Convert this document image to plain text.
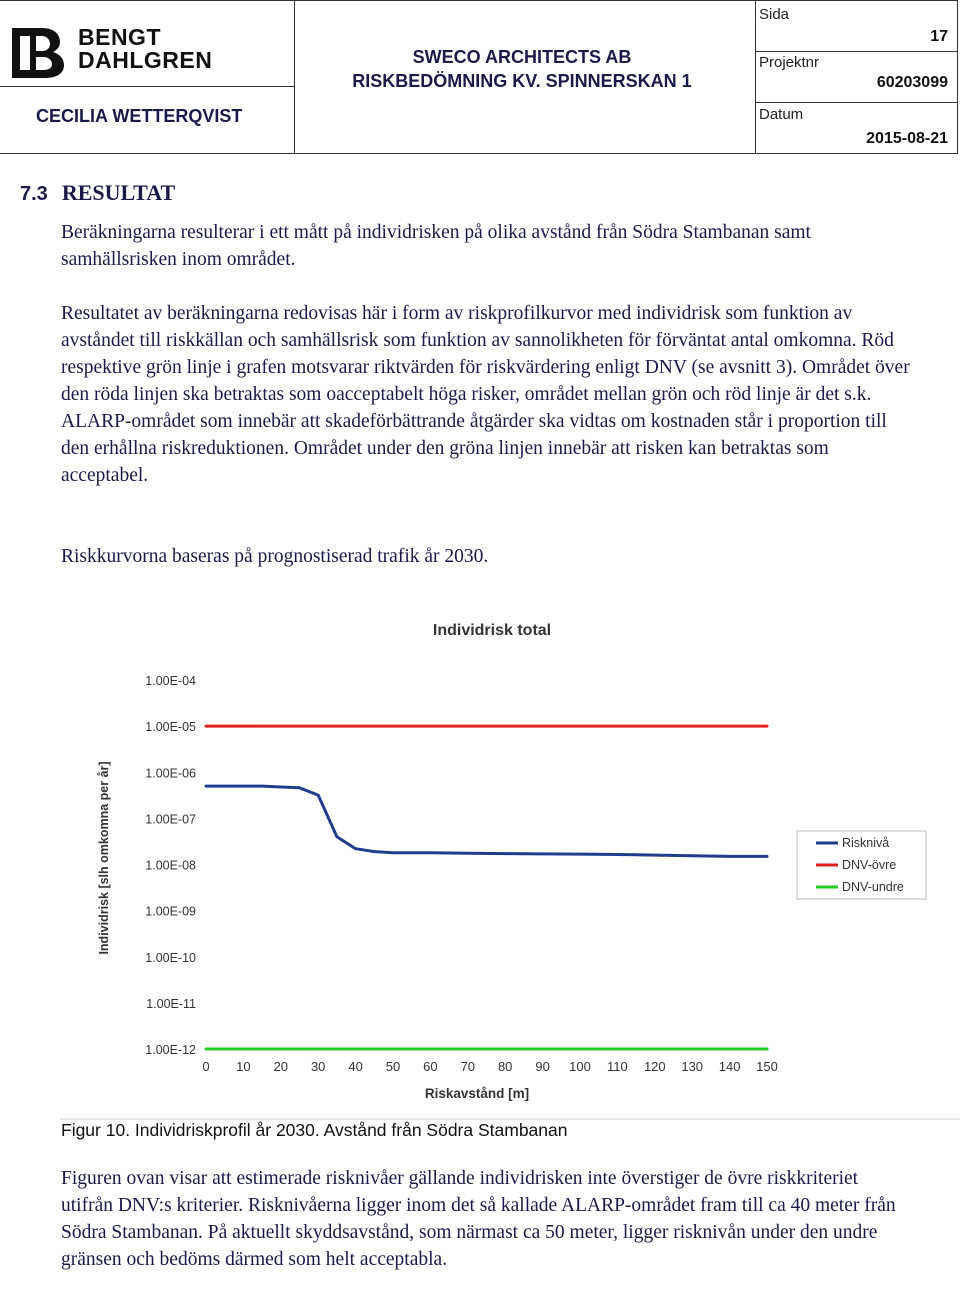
BENGT
DAHLGREN
CECILIA WETTERQVIST
SWECO ARCHITECTS AB
RISKBEDÖMNING KV. SPINNERSKAN 1
Sida
17
Projektnr
60203099
Datum
2015-08-21
7.3 RESULTAT

Beräkningarna resulterar i ett mått på individrisken på olika avstånd från Södra Stambanan samt samhällsrisken inom området.

Resultatet av beräkningarna redovisas här i form av riskprofilkurvor med individrisk som funktion av avståndet till riskkällan och samhällsrisk som funktion av sannolikheten för förväntat antal omkomna. Röd respektive grön linje i grafen motsvarar riktvärden för riskvärdering enligt DNV (se avsnitt 3). Området över den röda linjen ska betraktas som oacceptabelt höga risker, området mellan grön och röd linje är det s.k. ALARP-området som innebär att skadeförbättrande åtgärder ska vidtas om kostnaden står i proportion till den erhållna riskreduktionen. Området under den gröna linjen innebär att risken kan betraktas som acceptabel.

Riskkurvorna baseras på prognostiserad trafik år 2030.

Individrisk total
Riskavstånd [m]
Individrisk [slh omkomna per år]
1.00E-04
1.00E-05
1.00E-06
1.00E-07
1.00E-08
1.00E-09
1.00E-10
1.00E-11
1.00E-12
0 10 20 30 40 50 60 70 80 90 100 110 120 130 140 150
Risknivå
DNV-övre
DNV-undre
Figur 10. Individriskprofil år 2030. Avstånd från Södra Stambanan

Figuren ovan visar att estimerade risknivåer gällande individrisken inte överstiger de övre riskkriteriet utifrån DNV:s kriterier. Risknivåerna ligger inom det så kallade ALARP-området fram till ca 40 meter från Södra Stambanan. På aktuellt skyddsavstånd, som närmast ca 50 meter, ligger risknivån under den undre gränsen och bedöms därmed som helt acceptabla.
